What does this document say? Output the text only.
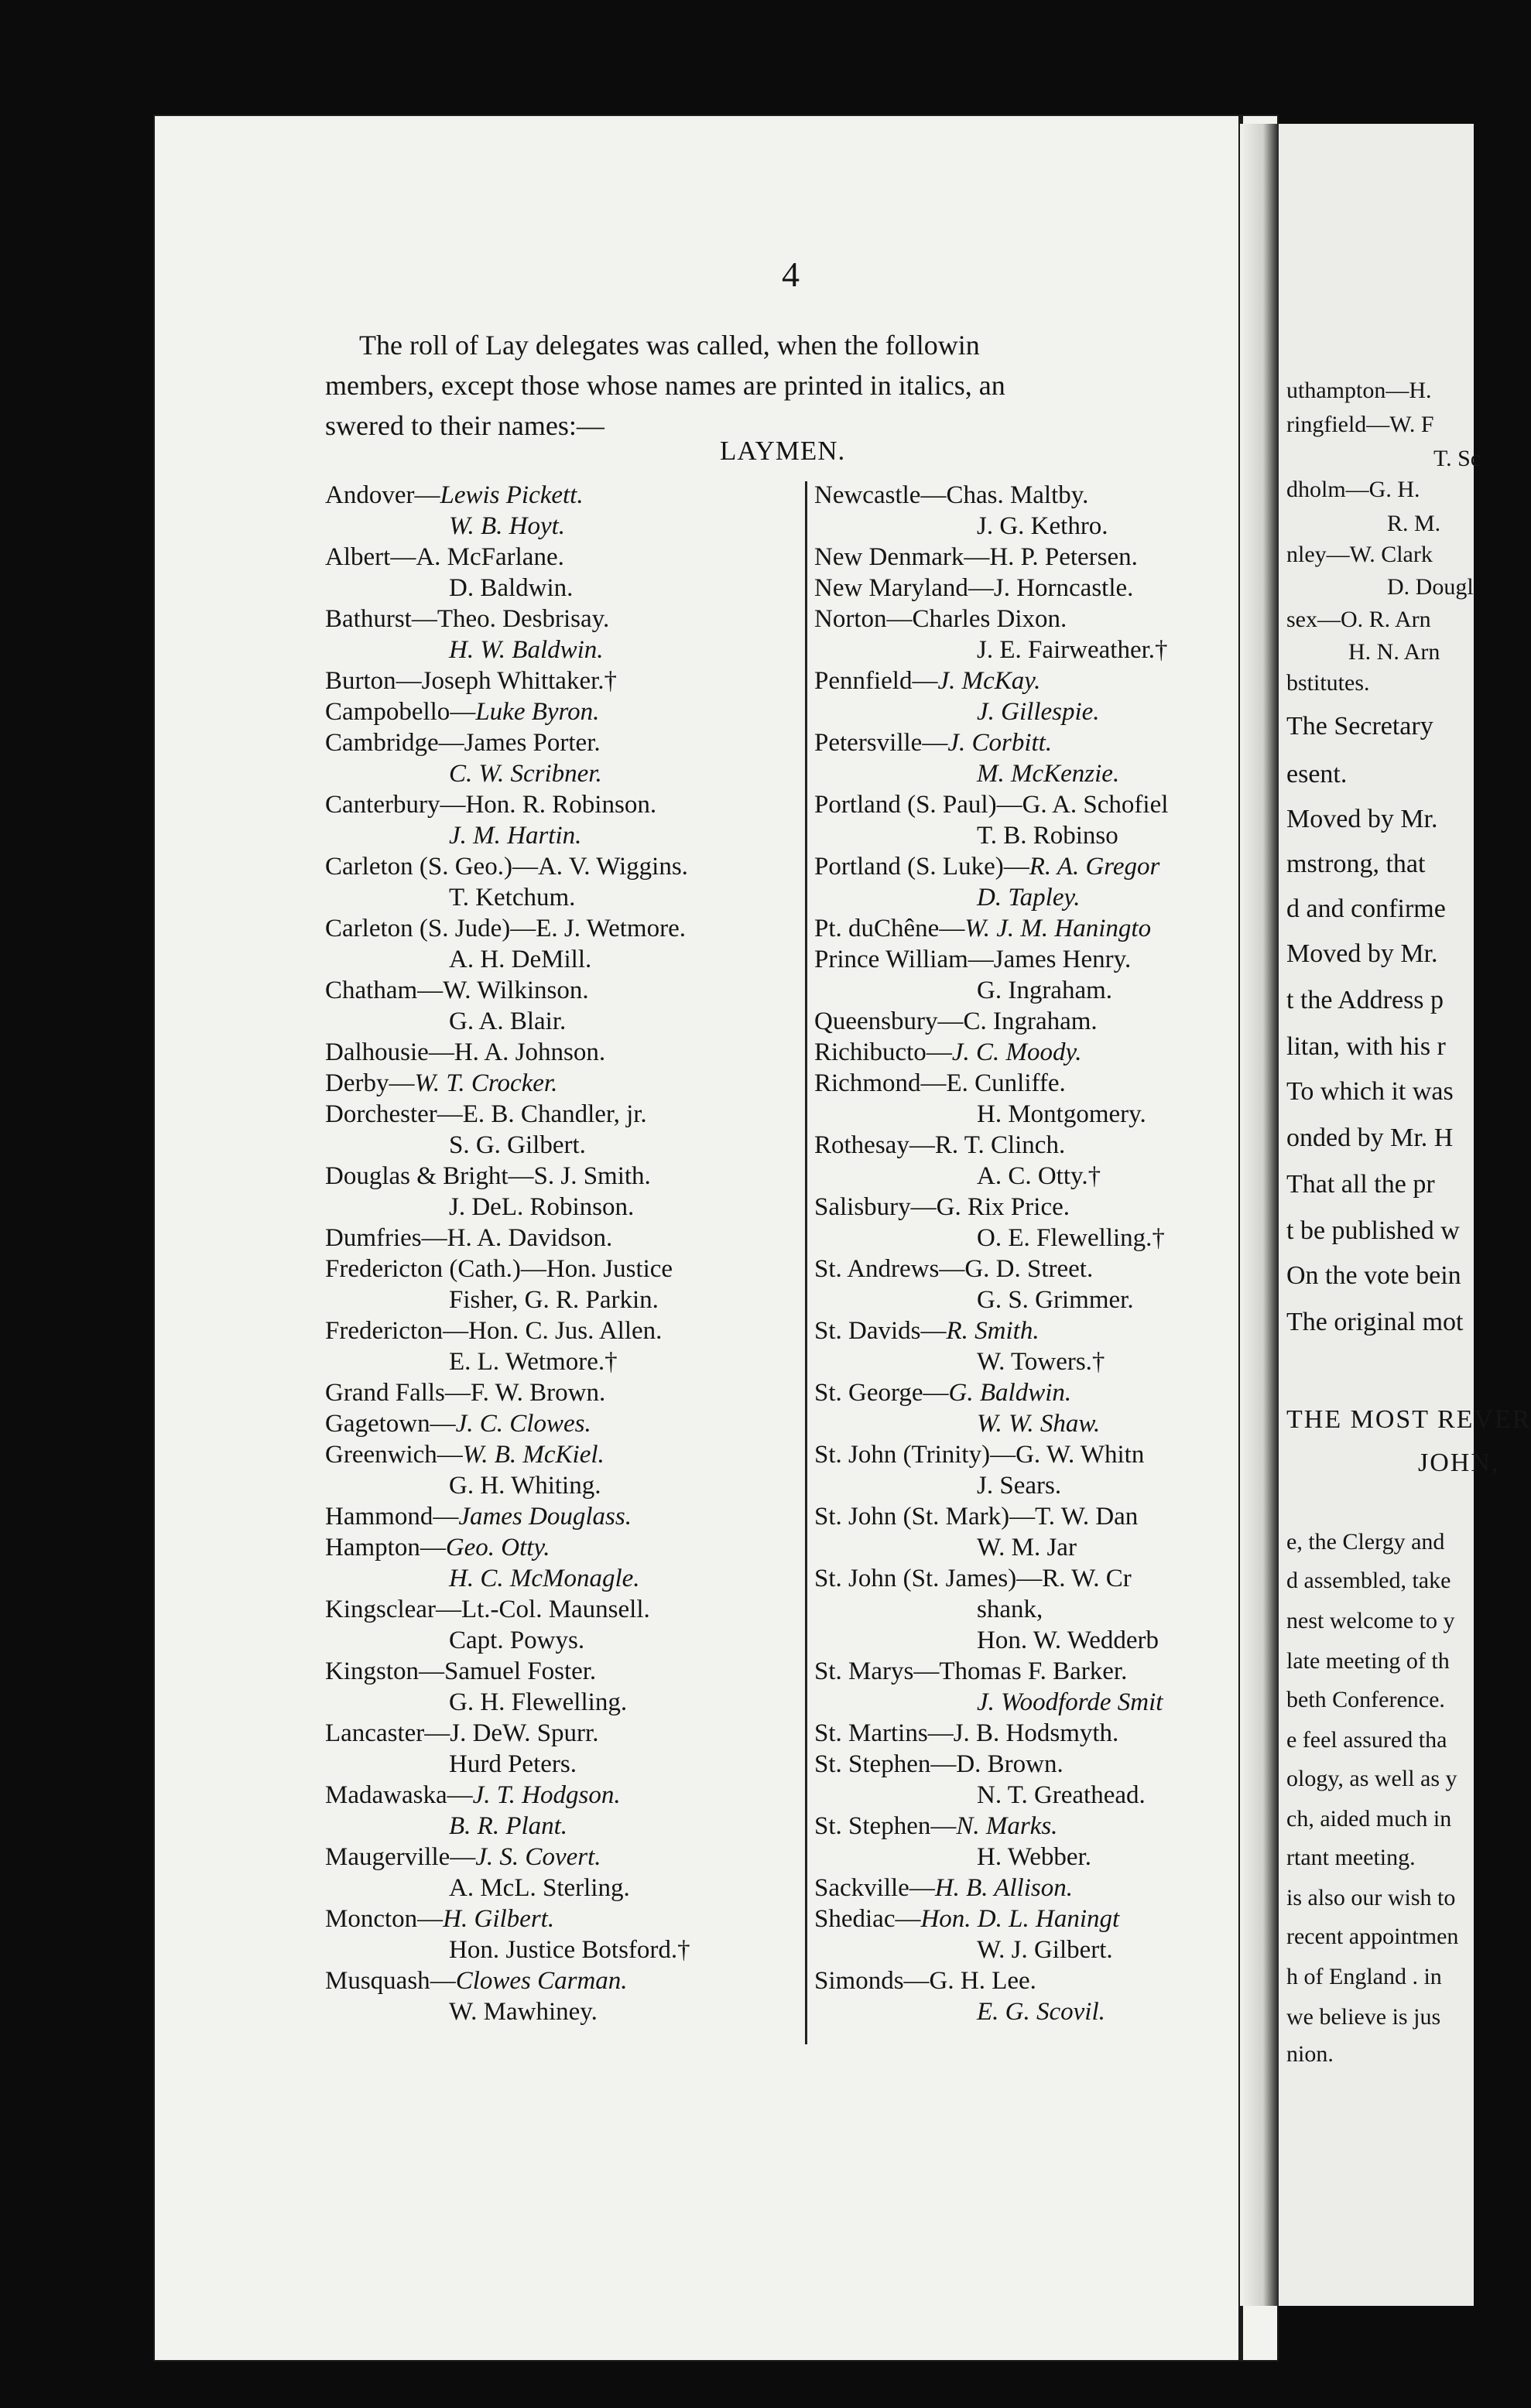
uthampton—H.
ringfield—W. F
T. Sc
dholm—G. H.
R. M.
nley—W. Clark
D. Dougl
sex—O. R. Arn
H. N. Arn
bstitutes.
The Secretary
esent.
Moved by Mr.
mstrong, that
d and confirme
Moved by Mr.
t the Address p
litan, with his r
To which it was
onded by Mr. H
That all the pr
t be published w
On the vote bein
The original mot
THE MOST REVER
JOHN,
e, the Clergy and
d assembled, take
nest welcome to y
late meeting of th
beth Conference.
e feel assured tha
ology, as well as y
ch, aided much in
rtant meeting.
is also our wish to
recent appointmen
h of England . in
we believe is jus
nion.
4
The roll of Lay delegates was called, when the followin
members, except those whose names are printed in italics, an
swered to their names:—
LAYMEN.
Andover—Lewis Pickett.
W. B. Hoyt.
Albert—A. McFarlane.
D. Baldwin.
Bathurst—Theo. Desbrisay.
H. W. Baldwin.
Burton—Joseph Whittaker.†
Campobello—Luke Byron.
Cambridge—James Porter.
C. W. Scribner.
Canterbury—Hon. R. Robinson.
J. M. Hartin.
Carleton (S. Geo.)—A. V. Wiggins.
T. Ketchum.
Carleton (S. Jude)—E. J. Wetmore.
A. H. DeMill.
Chatham—W. Wilkinson.
G. A. Blair.
Dalhousie—H. A. Johnson.
Derby—W. T. Crocker.
Dorchester—E. B. Chandler, jr.
S. G. Gilbert.
Douglas & Bright—S. J. Smith.
J. DeL. Robinson.
Dumfries—H. A. Davidson.
Fredericton (Cath.)—Hon. Justice
Fisher, G. R. Parkin.
Fredericton—Hon. C. Jus. Allen.
E. L. Wetmore.†
Grand Falls—F. W. Brown.
Gagetown—J. C. Clowes.
Greenwich—W. B. McKiel.
G. H. Whiting.
Hammond—James Douglass.
Hampton—Geo. Otty.
H. C. McMonagle.
Kingsclear—Lt.-Col. Maunsell.
Capt. Powys.
Kingston—Samuel Foster.
G. H. Flewelling.
Lancaster—J. DeW. Spurr.
Hurd Peters.
Madawaska—J. T. Hodgson.
B. R. Plant.
Maugerville—J. S. Covert.
A. McL. Sterling.
Moncton—H. Gilbert.
Hon. Justice Botsford.†
Musquash—Clowes Carman.
W. Mawhiney.
Newcastle—Chas. Maltby.
J. G. Kethro.
New Denmark—H. P. Petersen.
New Maryland—J. Horncastle.
Norton—Charles Dixon.
J. E. Fairweather.†
Pennfield—J. McKay.
J. Gillespie.
Petersville—J. Corbitt.
M. McKenzie.
Portland (S. Paul)—G. A. Schofiel
T. B. Robinso
Portland (S. Luke)—R. A. Gregor
D. Tapley.
Pt. duChêne—W. J. M. Haningto
Prince William—James Henry.
G. Ingraham.
Queensbury—C. Ingraham.
Richibucto—J. C. Moody.
Richmond—E. Cunliffe.
H. Montgomery.
Rothesay—R. T. Clinch.
A. C. Otty.†
Salisbury—G. Rix Price.
O. E. Flewelling.†
St. Andrews—G. D. Street.
G. S. Grimmer.
St. Davids—R. Smith.
W. Towers.†
St. George—G. Baldwin.
W. W. Shaw.
St. John (Trinity)—G. W. Whitn
J. Sears.
St. John (St. Mark)—T. W. Dan
W. M. Jar
St. John (St. James)—R. W. Cr
shank,
Hon. W. Wedderb
St. Marys—Thomas F. Barker.
J. Woodforde Smit
St. Martins—J. B. Hodsmyth.
St. Stephen—D. Brown.
N. T. Greathead.
St. Stephen—N. Marks.
H. Webber.
Sackville—H. B. Allison.
Shediac—Hon. D. L. Haningt
W. J. Gilbert.
Simonds—G. H. Lee.
E. G. Scovil.
